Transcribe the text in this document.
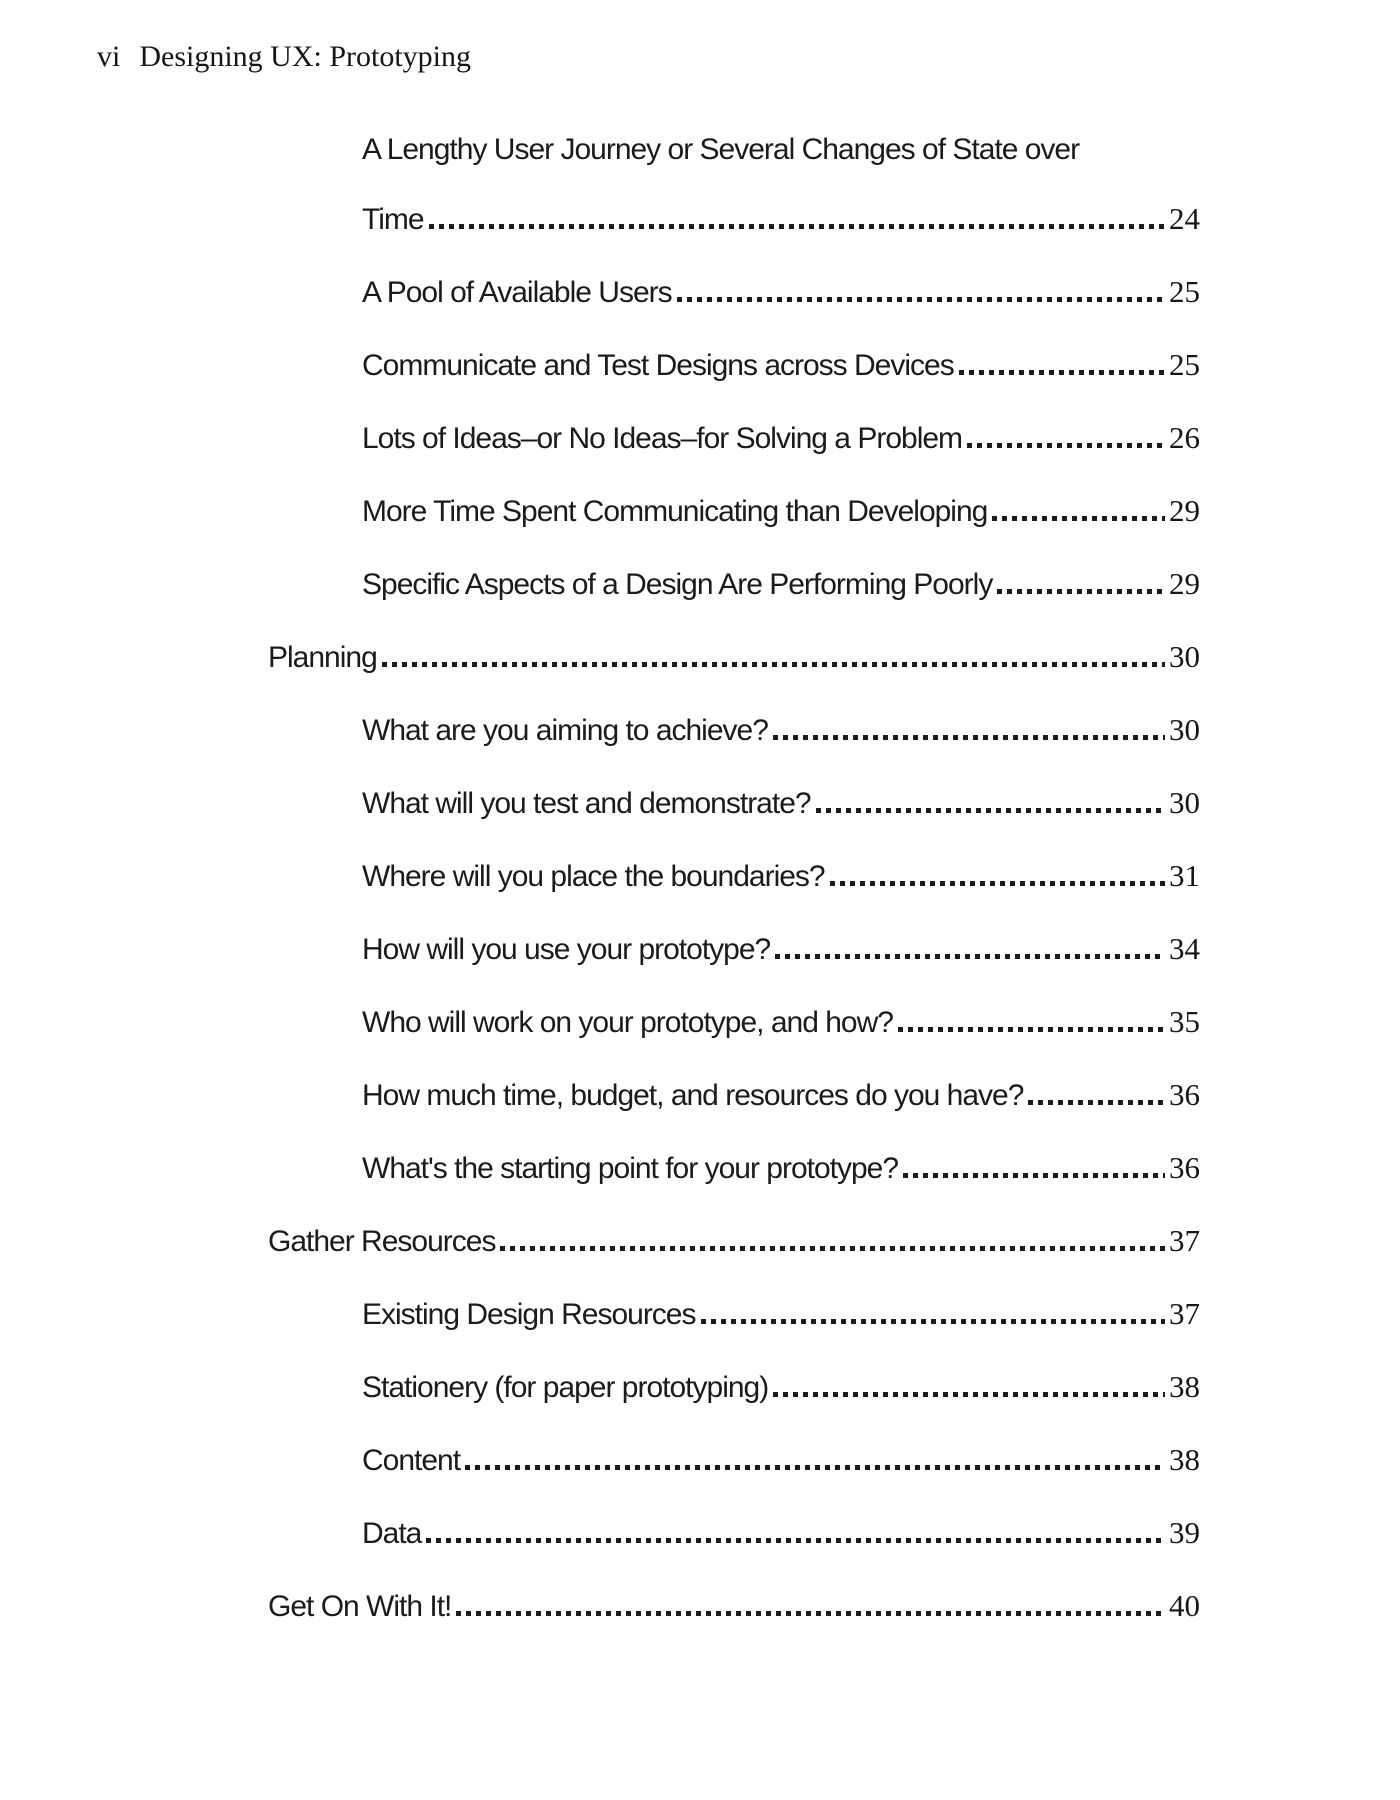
vi Designing UX: Prototyping
A Lengthy User Journey or Several Changes of State over
Time	24
A Pool of Available Users	25
Communicate and Test Designs across Devices	25
Lots of Ideas–or No Ideas–for Solving a Problem	26
More Time Spent Communicating than Developing	29
Specific Aspects of a Design Are Performing Poorly	29
Planning	30
What are you aiming to achieve?	30
What will you test and demonstrate?	30
Where will you place the boundaries?	31
How will you use your prototype?	34
Who will work on your prototype, and how?	35
How much time, budget, and resources do you have?	36
What's the starting point for your prototype?	36
Gather Resources	37
Existing Design Resources	37
Stationery (for paper prototyping)	38
Content	38
Data	39
Get On With It!	40
